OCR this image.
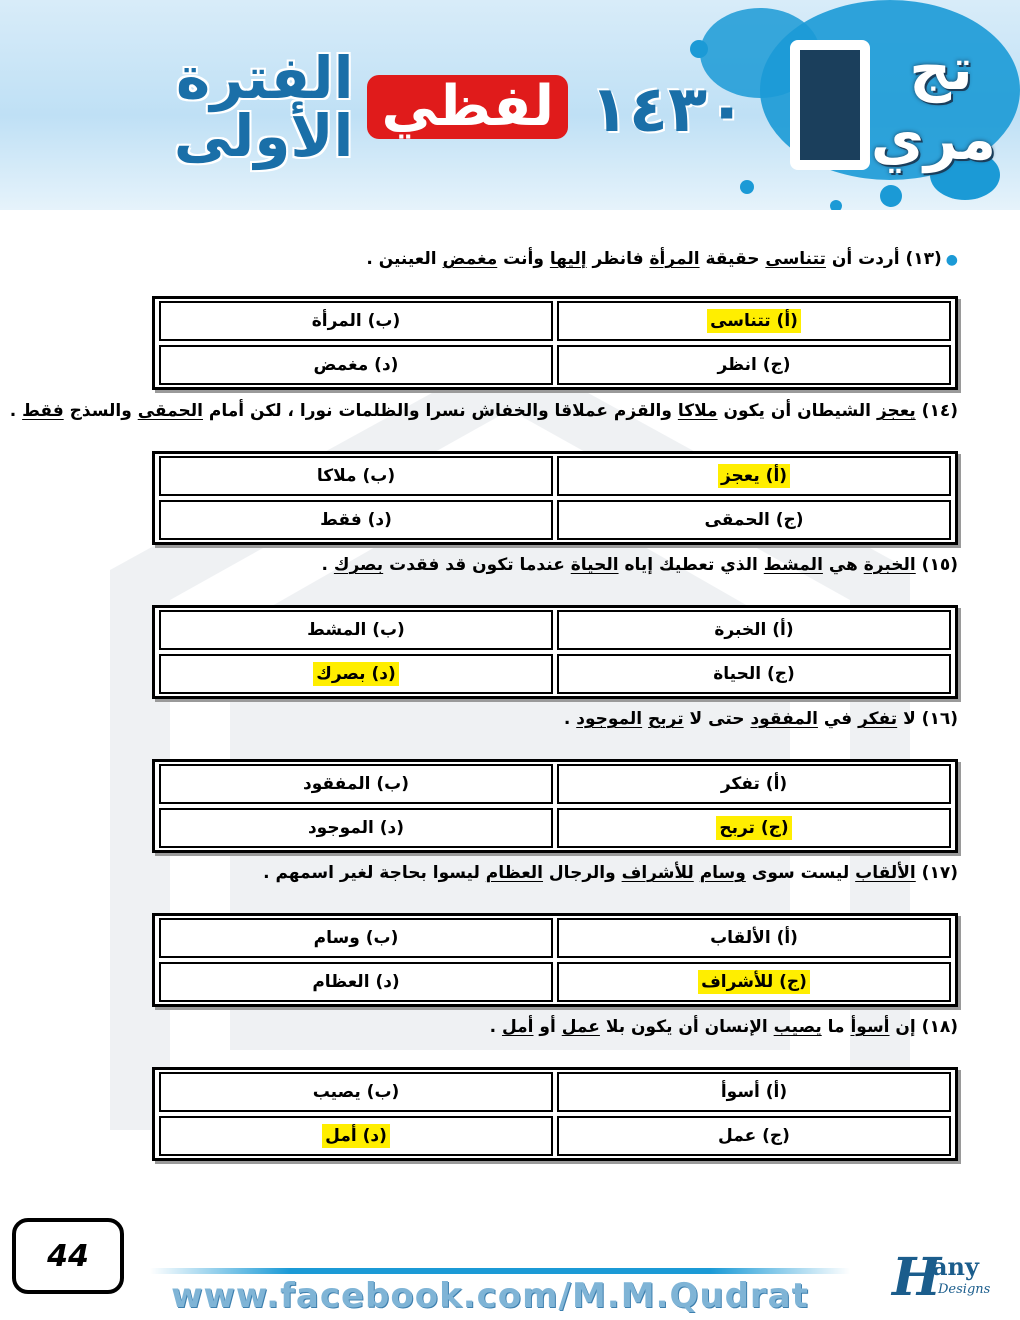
تج
مري
١٤٣٠
لفظي
الفترة الأولى
●(١٣) أردت أن تتناسى حقيقة المرأة فانظر إليها وأنت مغمض العينين .
(أ) تتناسى
(ب) المرأة
(ج) انظر
(د) مغمض
(١٤) يعجز الشيطان أن يكون ملاكا والقزم عملاقا والخفاش نسرا والظلمات نورا ، لكن أمام الحمقى والسذج فقط .
(أ) يعجز
(ب) ملاكا
(ج) الحمقى
(د) فقط
(١٥) الخبرة هي المشط الذي تعطيك إياه الحياة عندما تكون قد فقدت بصرك .
(أ) الخبرة
(ب) المشط
(ج) الحياة
(د) بصرك
(١٦) لا تفكر في المفقود حتى لا تربح الموجود .
(أ) تفكر
(ب) المفقود
(ج) تربح
(د) الموجود
(١٧) الألقاب ليست سوى وسام للأشراف والرجال العظام ليسوا بحاجة لغير اسمهم .
(أ) الألقاب
(ب) وسام
(ج) للأشراف
(د) العظام
(١٨) إن أسوأ ما يصيب الإنسان أن يكون بلا عمل أو أمل .
(أ) أسوأ
(ب) يصيب
(ج) عمل
(د) أمل
44
www.facebook.com/M.M.Qudrat H
any
Designs
